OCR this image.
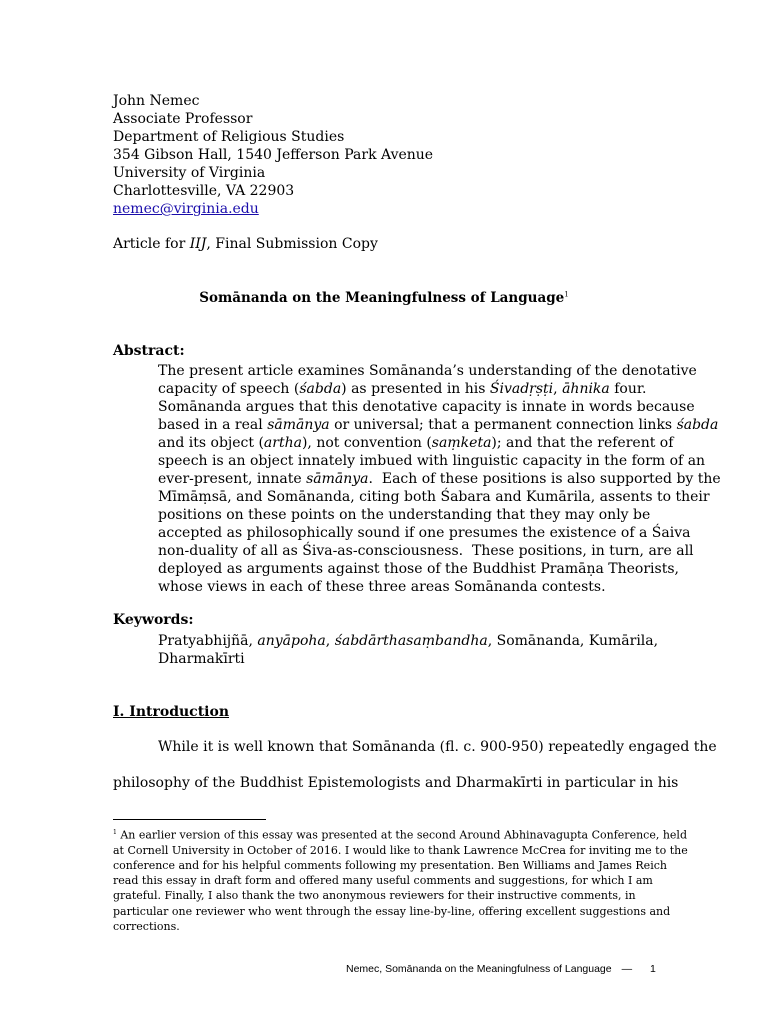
John Nemec
Associate Professor
Department of Religious Studies
354 Gibson Hall, 1540 Jefferson Park Avenue
University of Virginia
Charlottesville, VA 22903
nemec@virginia.edu
Article for IIJ, Final Submission Copy
Somānanda on the Meaningfulness of Language$^1$
Abstract:
The present article examines Somānanda’s understanding of the denotative
capacity of speech (śabda) as presented in his Śivadṛṣṭi, āhnika four.
Somānanda argues that this denotative capacity is innate in words because
based in a real sāmānya or universal; that a permanent connection links śabda
and its object (artha), not convention (saṃketa); and that the referent of
speech is an object innately imbued with linguistic capacity in the form of an
ever-present, innate sāmānya.  Each of these positions is also supported by the
Mīmāṃsā, and Somānanda, citing both Śabara and Kumārila, assents to their
positions on these points on the understanding that they may only be
accepted as philosophically sound if one presumes the existence of a Śaiva
non-duality of all as Śiva-as-consciousness.  These positions, in turn, are all
deployed as arguments against those of the Buddhist Pramāṇa Theorists,
whose views in each of these three areas Somānanda contests.
Keywords:
Pratyabhijñā, anyāpoha, śabdārthasaṃbandha, Somānanda, Kumārila,
Dharmakīrti
I. Introduction
While it is well known that Somānanda (fl. c. 900-950) repeatedly engaged the
philosophy of the Buddhist Epistemologists and Dharmakīrti in particular in his
$^1$ An earlier version of this essay was presented at the second Around Abhinavagupta Conference, held
at Cornell University in October of 2016. I would like to thank Lawrence McCrea for inviting me to the
conference and for his helpful comments following my presentation. Ben Williams and James Reich
read this essay in draft form and offered many useful comments and suggestions, for which I am
grateful. Finally, I also thank the two anonymous reviewers for their instructive comments, in
particular one reviewer who went through the essay line-by-line, offering excellent suggestions and
corrections.
Nemec, Somānanda on the Meaningfulness of Language —	1
